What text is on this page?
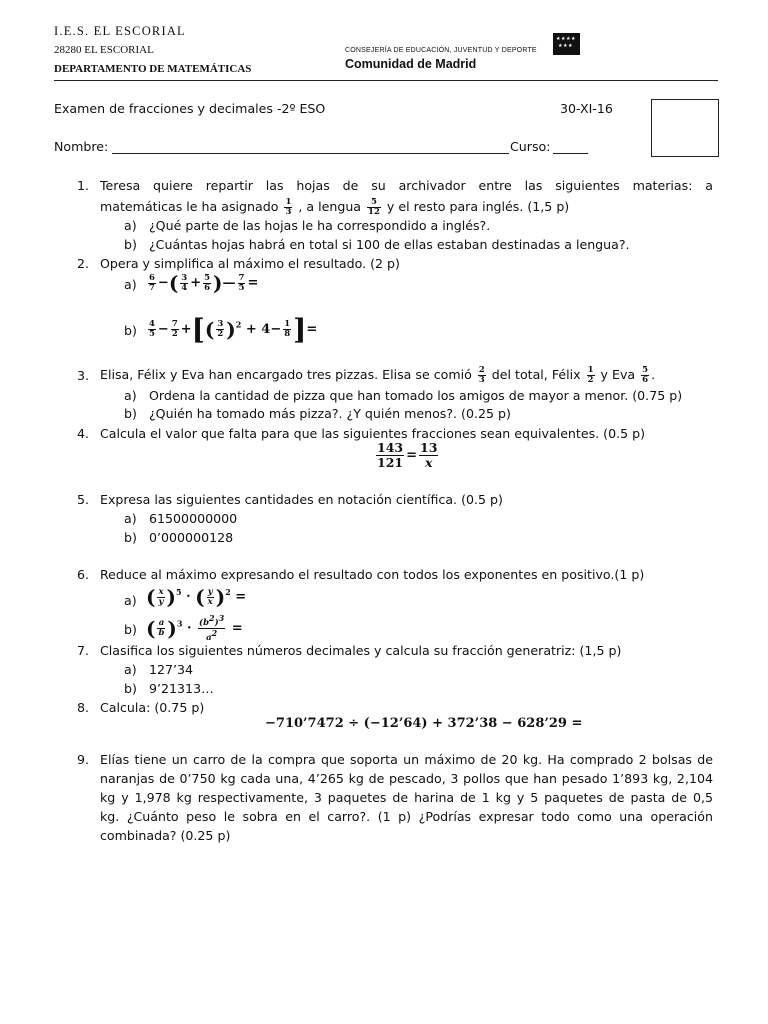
I.E.S. EL ESCORIAL
28280 EL ESCORIAL
DEPARTAMENTO DE MATEMÁTICAS
CONSEJERÍA DE EDUCACIÓN, JUVENTUD Y DEPORTE
Comunidad de Madrid
★★★★
★★★
Examen de fracciones y decimales -2º ESO	30-XI-16
Nombre:	Curso:
1. Teresa quiere repartir las hojas de su archivador entre las siguientes materias: a
matemáticas le ha asignado $\frac{1}{3}$ , a lengua $\frac{5}{12}$ y el resto para inglés. (1,5 p)
a) ¿Qué parte de las hojas le ha correspondido a inglés?.
b) ¿Cuántas hojas habrá en total si 100 de ellas estaban destinadas a lengua?.
2. Opera y simplifica al máximo el resultado. (2 p)
$a) \frac{6}{7}$ −( $\frac{3}{4} + \frac{5}{6}$ )— $\frac{7}{5}$ =
$b) \frac{4}{5} - \frac{7}{2}$ +[( $\frac{3}{2} )^2 + 4- \frac{1}{8}$ ]=
3. Elisa, Félix y Eva han encargado tres pizzas. Elisa se comió $\frac{2}{3}$ del total, Félix $\frac{1}{2}$ y Eva $\frac{5}{6}$ .
a) Ordena la cantidad de pizza que han tomado los amigos de mayor a menor. (0.75 p)
b) ¿Quién ha tomado más pizza?. ¿Y quién menos?. (0.25 p)
4. Calcula el valor que falta para que las siguientes fracciones sean equivalentes. (0.5 p)
$\frac{143}{121} = \frac{13}{x}$
5. Expresa las siguientes cantidades en notación científica. (0.5 p)
a) 61500000000
b) 0’000000128
6. Reduce al máximo expresando el resultado con todos los exponentes en positivo.(1 p)
a) ( $\frac{x}{y} )^5$ · ( $\frac{y}{x} )^2$ =
b) ( $\frac{a}{b} )^3 \cdot \frac{(b^2)^3}{a^2}$ =
7. Clasifica los siguientes números decimales y calcula su fracción generatriz: (1,5 p)
a) 127’34
b) 9’21313…
8. Calcula: (0.75 p)
−710’7472 ÷ (−12’64) + 372’38 − 628’29 =
9. Elías tiene un carro de la compra que soporta un máximo de 20 kg. Ha comprado 2 bolsas de
naranjas de 0’750 kg cada una, 4’265 kg de pescado, 3 pollos que han pesado 1’893 kg, 2,104
kg y 1,978 kg respectivamente, 3 paquetes de harina de 1 kg y 5 paquetes de pasta de 0,5
kg. ¿Cuánto peso le sobra en el carro?. (1 p) ¿Podrías expresar todo como una operación
combinada? (0.25 p)
